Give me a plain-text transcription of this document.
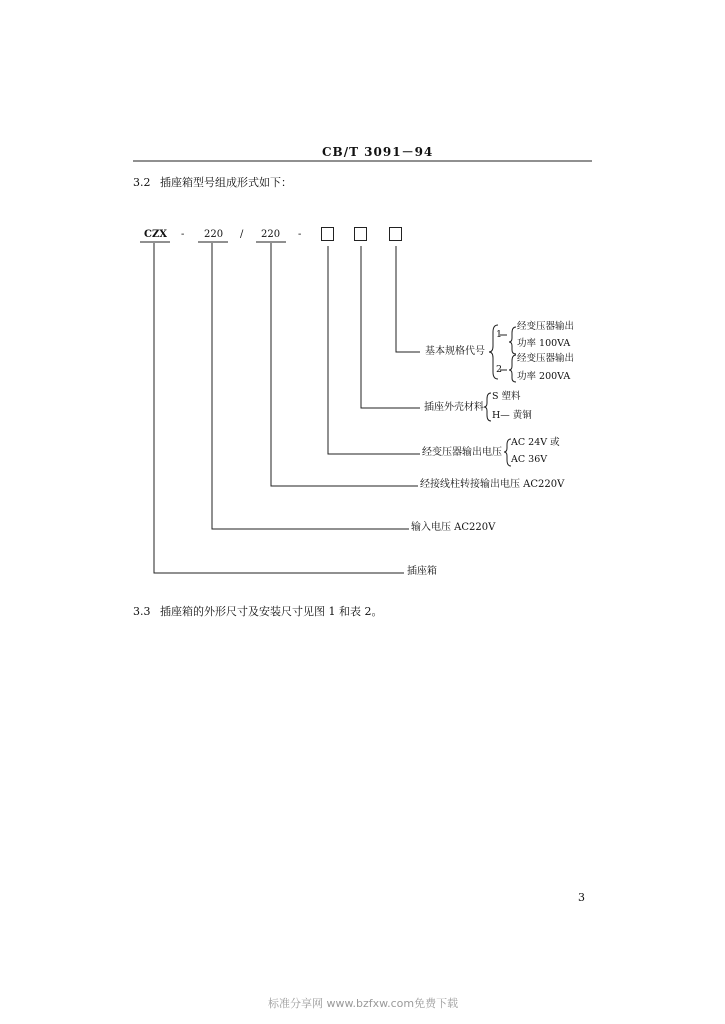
CB/T 3091－94
3.2 插座箱型号组成形式如下：
CZX - 220 / 220 -
基本规格代号
1
经变压器输出
功率 100VA
2
经变压器输出
功率 200VA
插座外壳材料
S 塑料
H— 黄铜
经变压器输出电压
AC 24V 或
AC 36V
经接线柱转接输出电压 AC220V
输入电压 AC220V
插座箱
3.3 插座箱的外形尺寸及安装尺寸见图 1 和表 2。
3
标准分享网 www.bzfxw.com免费下载
